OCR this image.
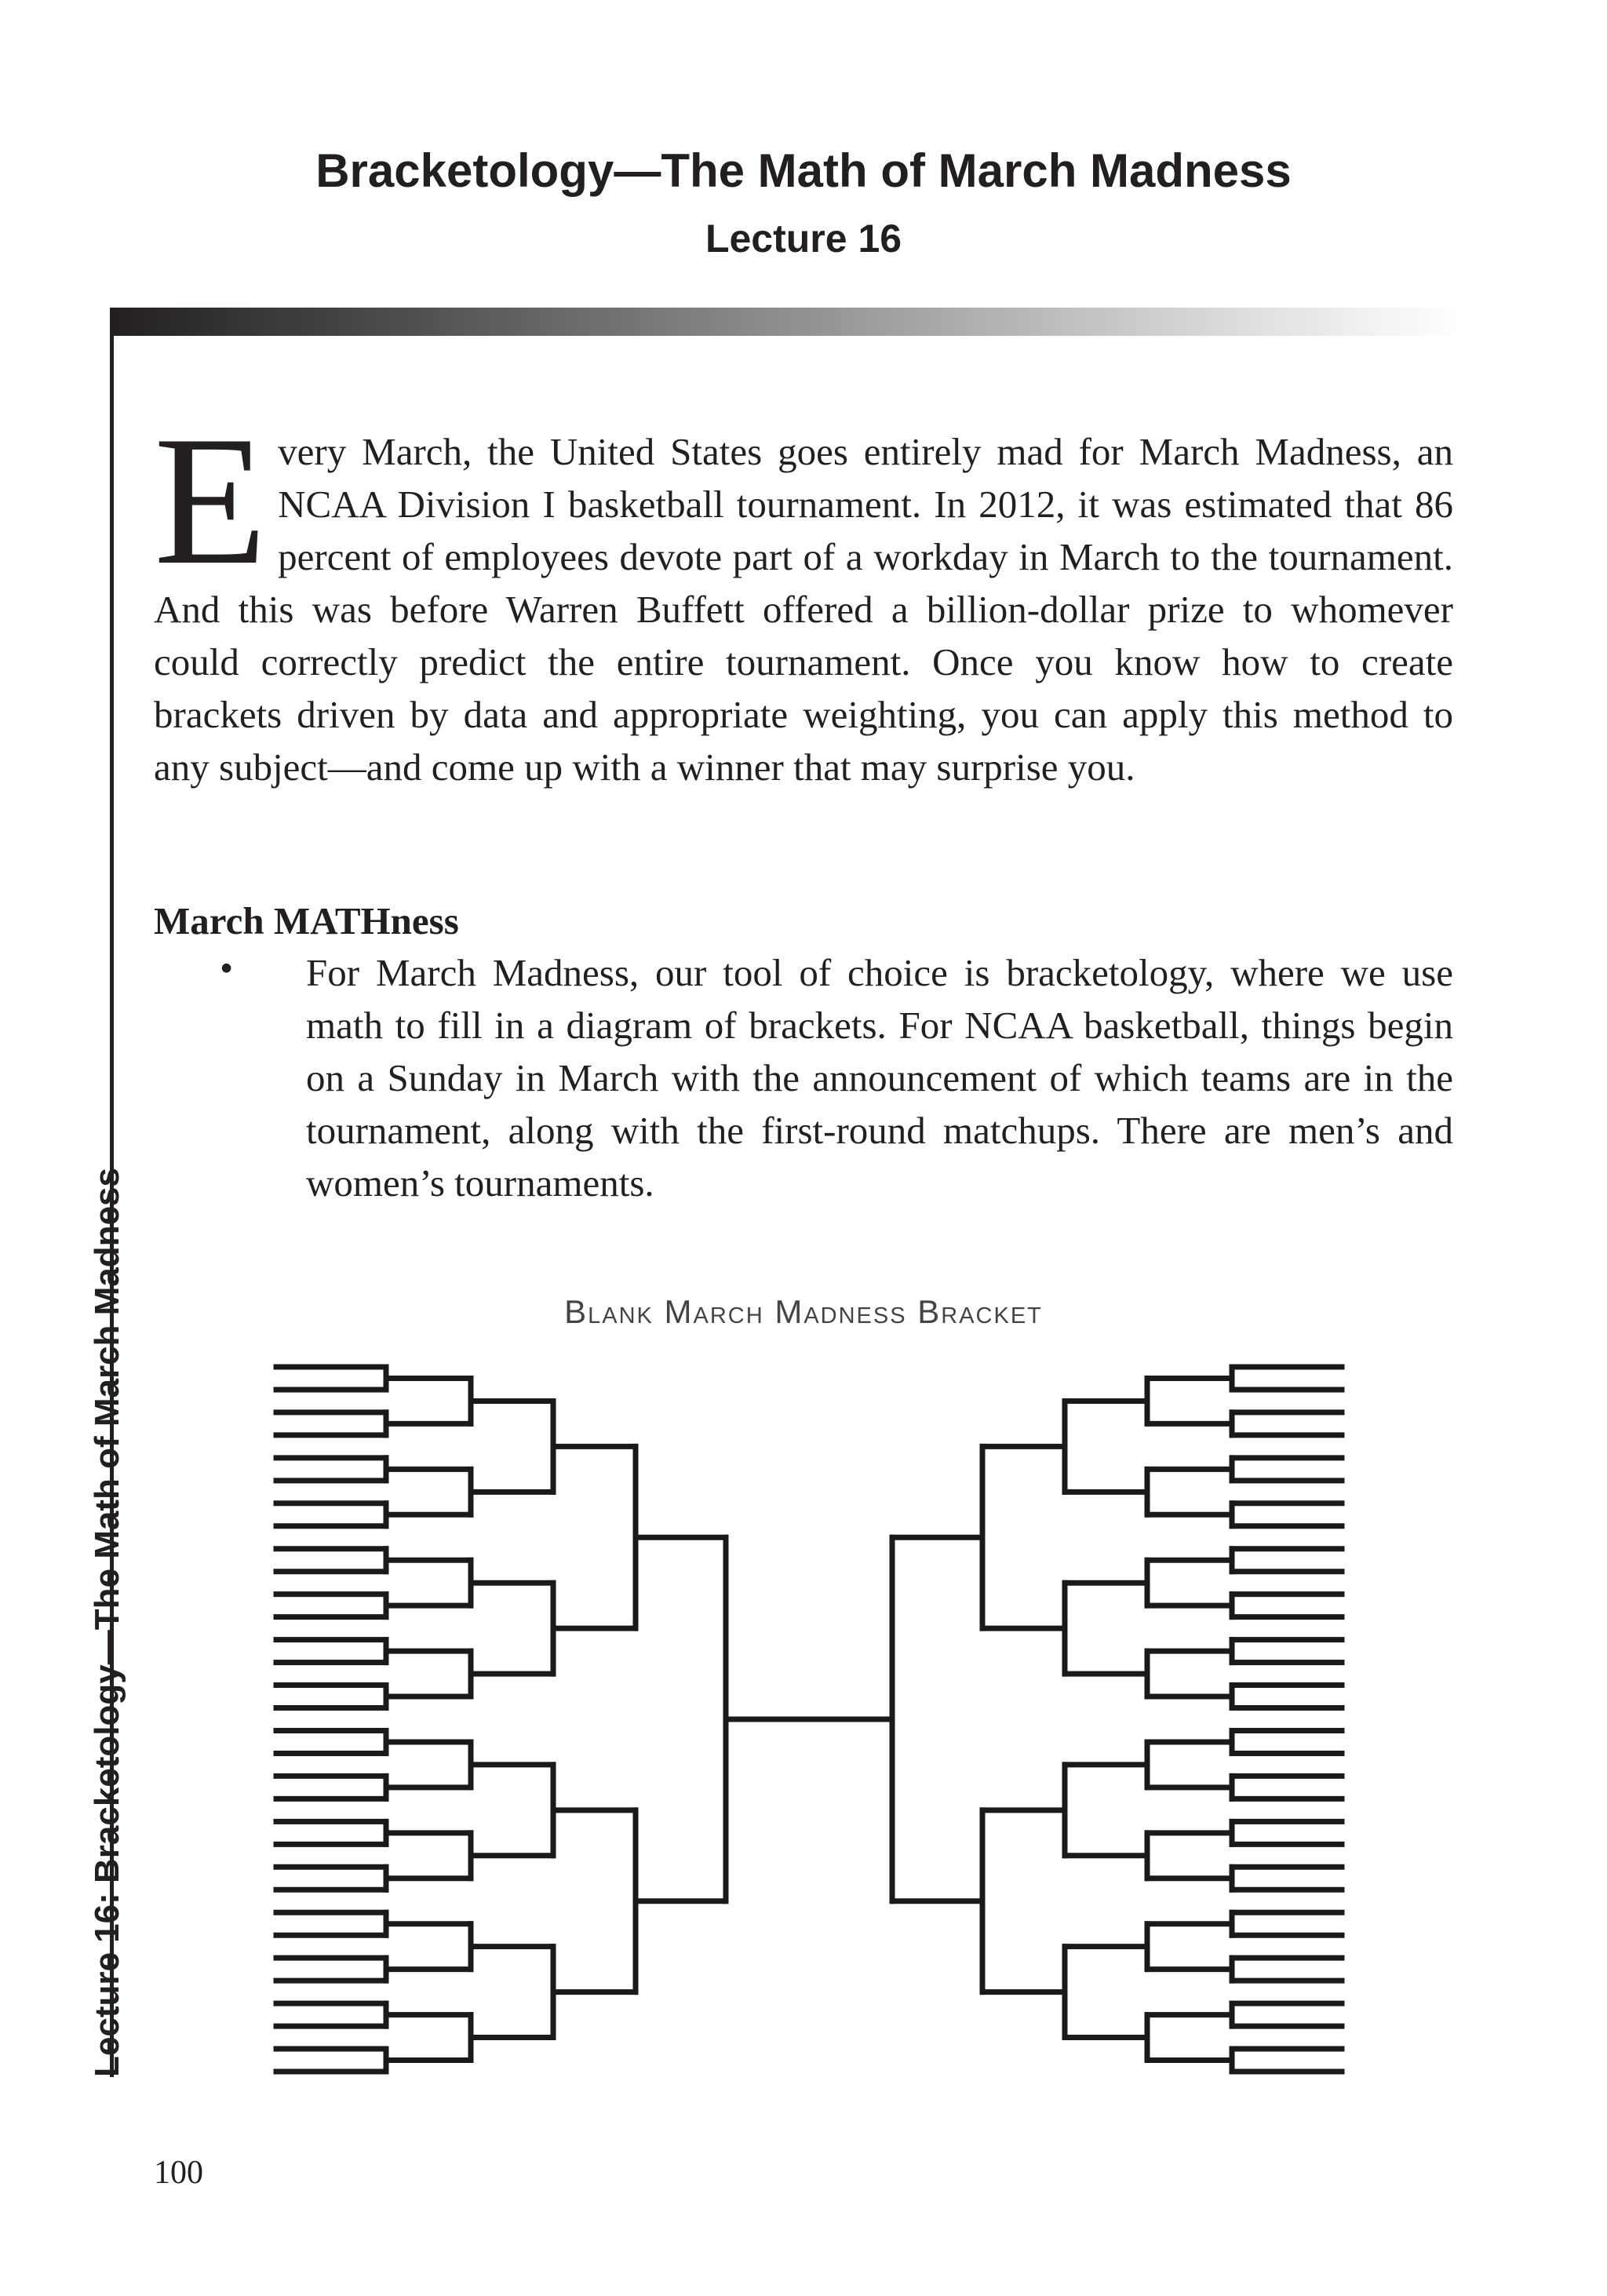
Bracketology—The Math of March Madness
Lecture 16
Lecture 16: Bracketology—The Math of March Madness

Every March, the United States goes entirely mad for March Madness, an NCAA Division I basketball tournament. In 2012, it was estimated that 86 percent of employees devote part of a workday in March to the tournament. And this was before Warren Buffett offered a billion-dollar prize to whomever could correctly predict the entire tournament. Once you know how to create brackets driven by data and appropriate weighting, you can apply this method to any subject—and come up with a winner that may surprise you.

March MATHness
• For March Madness, our tool of choice is bracketology, where we use math to fill in a diagram of brackets. For NCAA basketball, things begin on a Sunday in March with the announcement of which teams are in the tournament, along with the first-round matchups. There are men’s and women’s tournaments.

Blank March Madness Bracket
100
